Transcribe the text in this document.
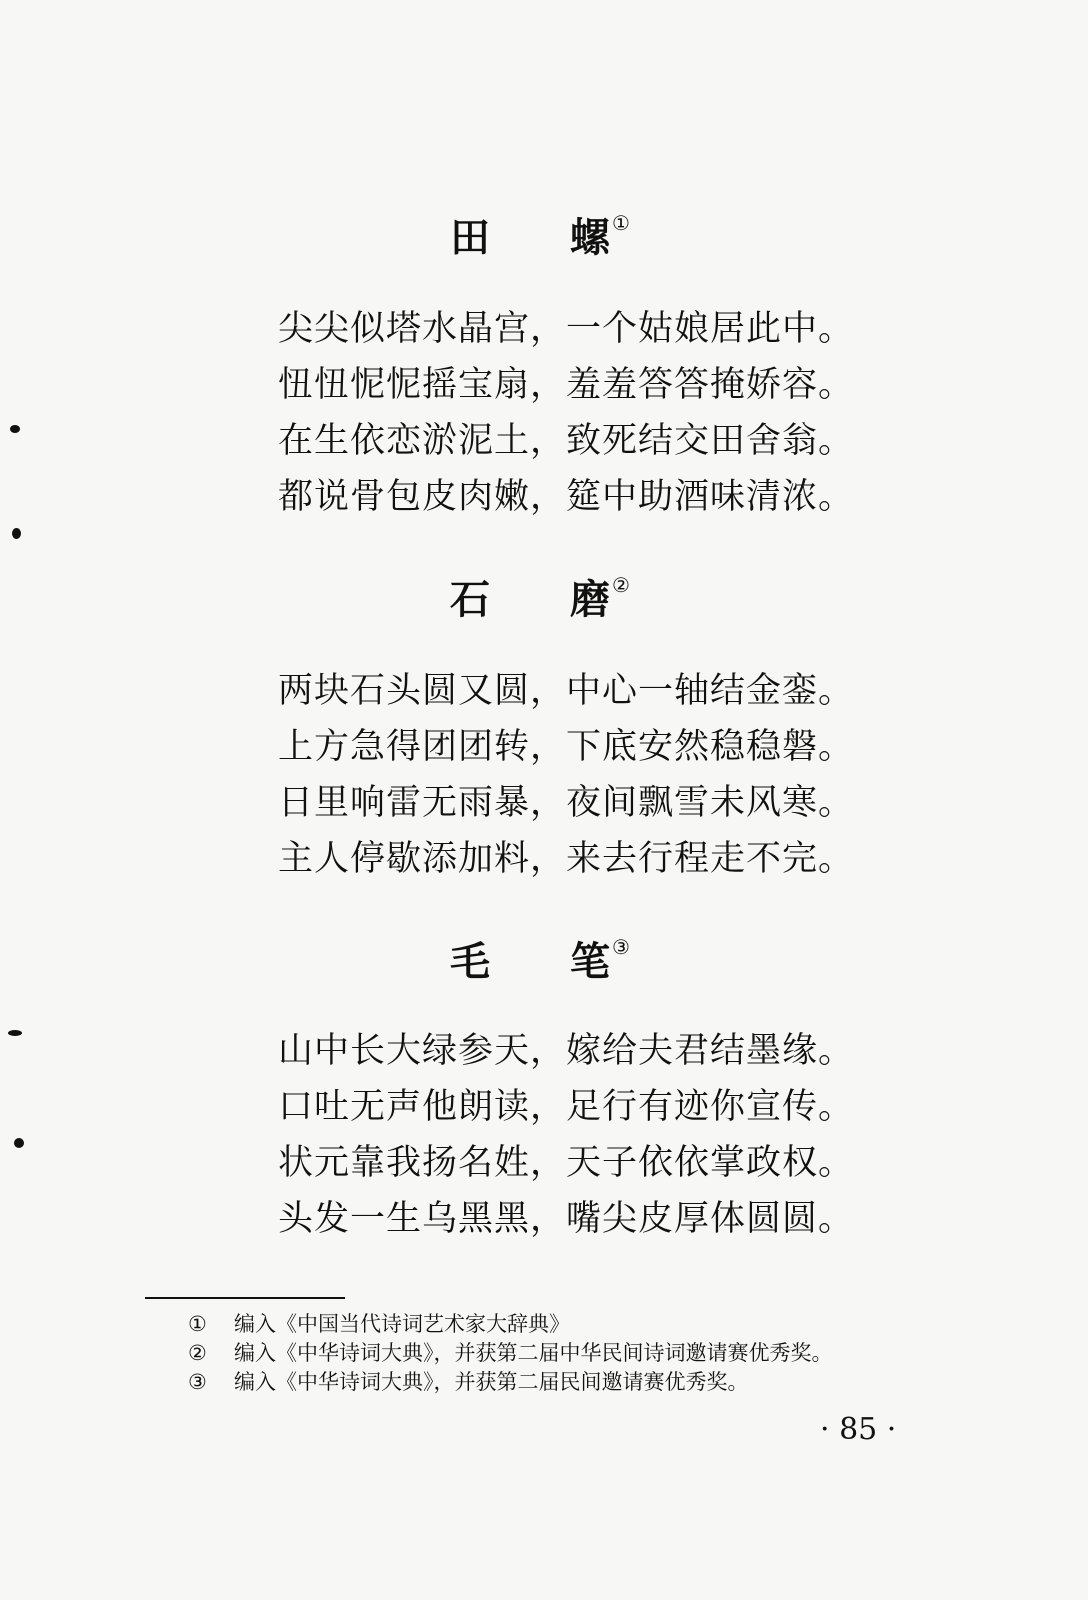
田 螺 ①
尖尖似塔水晶宫，一个姑娘居此中。
忸忸怩怩摇宝扇，羞羞答答掩娇容。
在生依恋淤泥土，致死结交田舍翁。
都说骨包皮肉嫩，筵中助酒味清浓。
石 磨 ②
两块石头圆又圆，中心一轴结金銮。
上方急得团团转，下底安然稳稳磐。
日里响雷无雨暴，夜间飘雪未风寒。
主人停歇添加料，来去行程走不完。
毛 笔 ③
山中长大绿参天，嫁给夫君结墨缘。
口吐无声他朗读，足行有迹你宣传。
状元靠我扬名姓，天子依依掌政权。
头发一生乌黑黑，嘴尖皮厚体圆圆。
① 编入《中国当代诗词艺术家大辞典》
② 编入《中华诗词大典》，并获第二届中华民间诗词邀请赛优秀奖。
③ 编入《中华诗词大典》，并获第二届民间邀请赛优秀奖。
· 85 ·
